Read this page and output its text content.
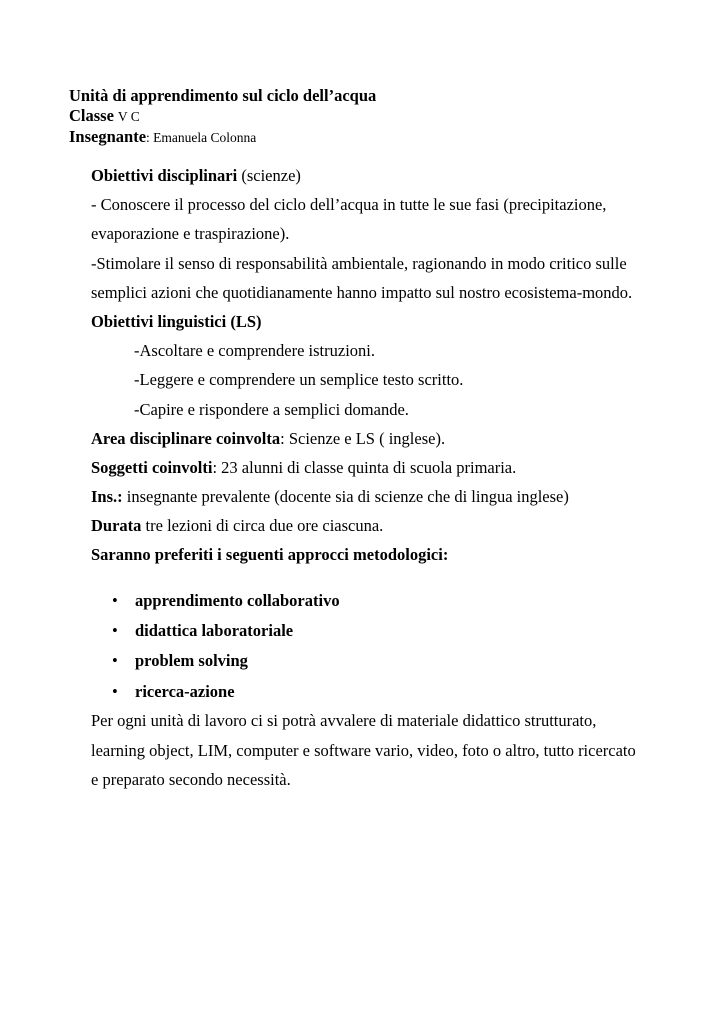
Unità di apprendimento sul ciclo dell’acqua
Classe V C
Insegnante: Emanuela Colonna
Obiettivi disciplinari (scienze)
- Conoscere il processo del ciclo dell’acqua in tutte le sue fasi (precipitazione,
evaporazione e traspirazione).
-Stimolare il senso di responsabilità ambientale, ragionando in modo critico sulle
semplici azioni che quotidianamente hanno impatto sul nostro ecosistema-mondo.
Obiettivi linguistici (LS)
-Ascoltare e comprendere istruzioni.
-Leggere e comprendere un semplice testo scritto.
-Capire e rispondere a semplici domande.
Area disciplinare coinvolta: Scienze e LS ( inglese).
Soggetti coinvolti: 23 alunni di classe quinta di scuola primaria.
Ins.: insegnante prevalente (docente sia di scienze che di lingua inglese)
Durata tre lezioni di circa due ore ciascuna.
Saranno preferiti i seguenti approcci metodologici:
• apprendimento collaborativo
• didattica laboratoriale
• problem solving
• ricerca-azione
Per ogni unità di lavoro ci si potrà avvalere di materiale didattico strutturato,
learning object, LIM, computer e software vario, video, foto o altro, tutto ricercato
e preparato secondo necessità.
